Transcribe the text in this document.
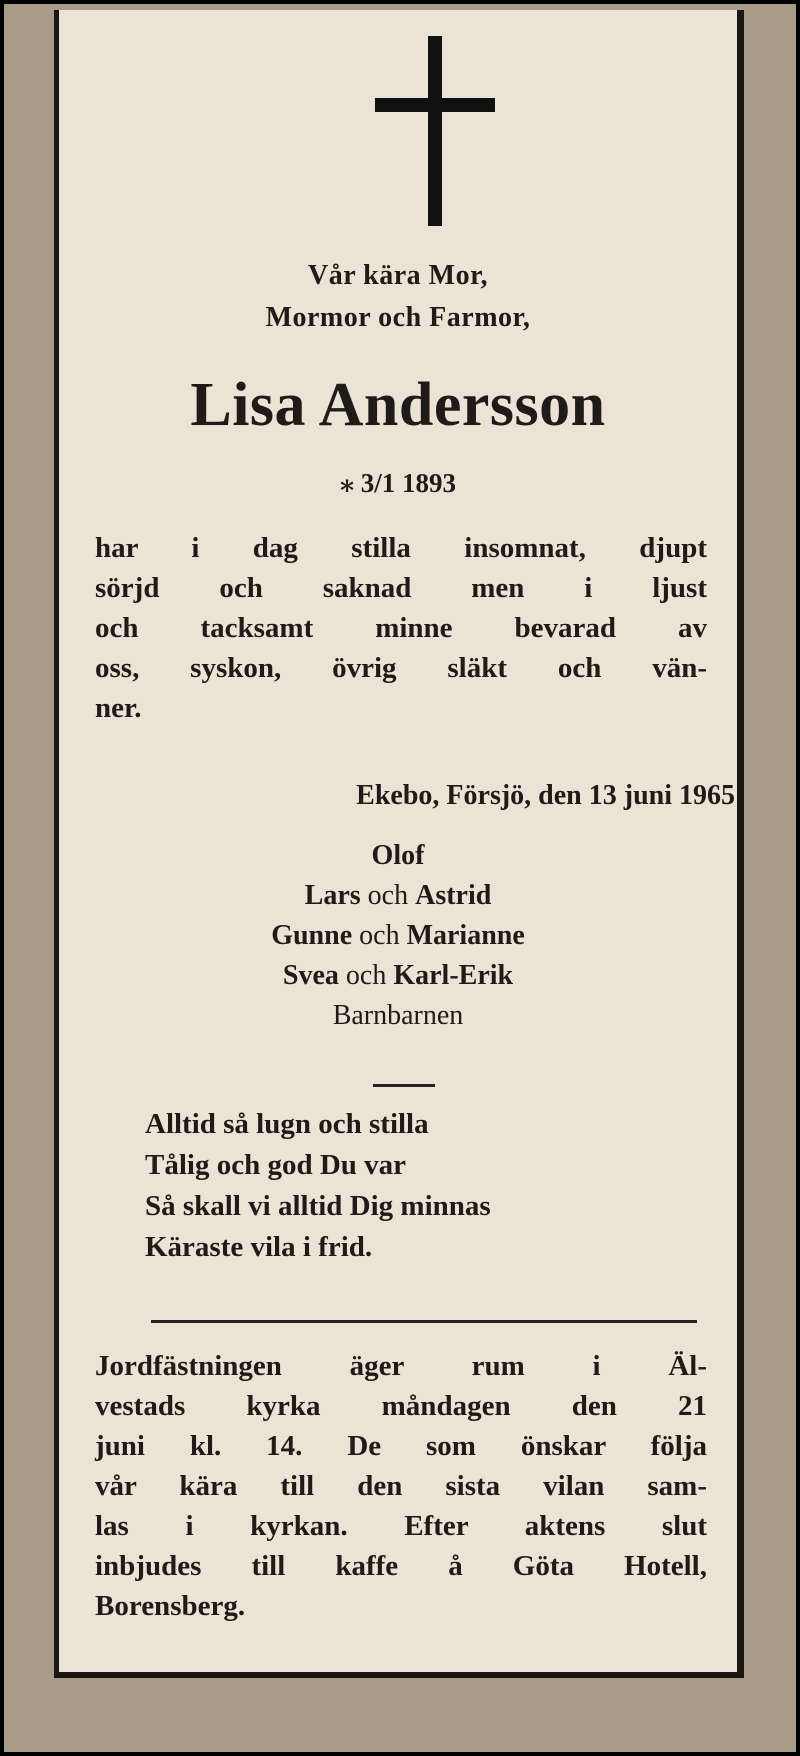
Vår kära Mor,
Mormor och Farmor,
Lisa Andersson
⁎ 3/1 1893
har i dag stilla insomnat, djupt
sörjd och saknad men i ljust
och tacksamt minne bevarad av
oss, syskon, övrig släkt och vän-
ner.
Ekebo, Försjö, den 13 juni 1965
Olof
Lars och Astrid
Gunne och Marianne
Svea och Karl-Erik
Barnbarnen
Alltid så lugn och stilla
Tålig och god Du var
Så skall vi alltid Dig minnas
Käraste vila i frid.
Jordfästningen äger rum i Äl-
vestads kyrka måndagen den 21
juni kl. 14. De som önskar följa
vår kära till den sista vilan sam-
las i kyrkan. Efter aktens slut
inbjudes till kaffe å Göta Hotell,
Borensberg.
